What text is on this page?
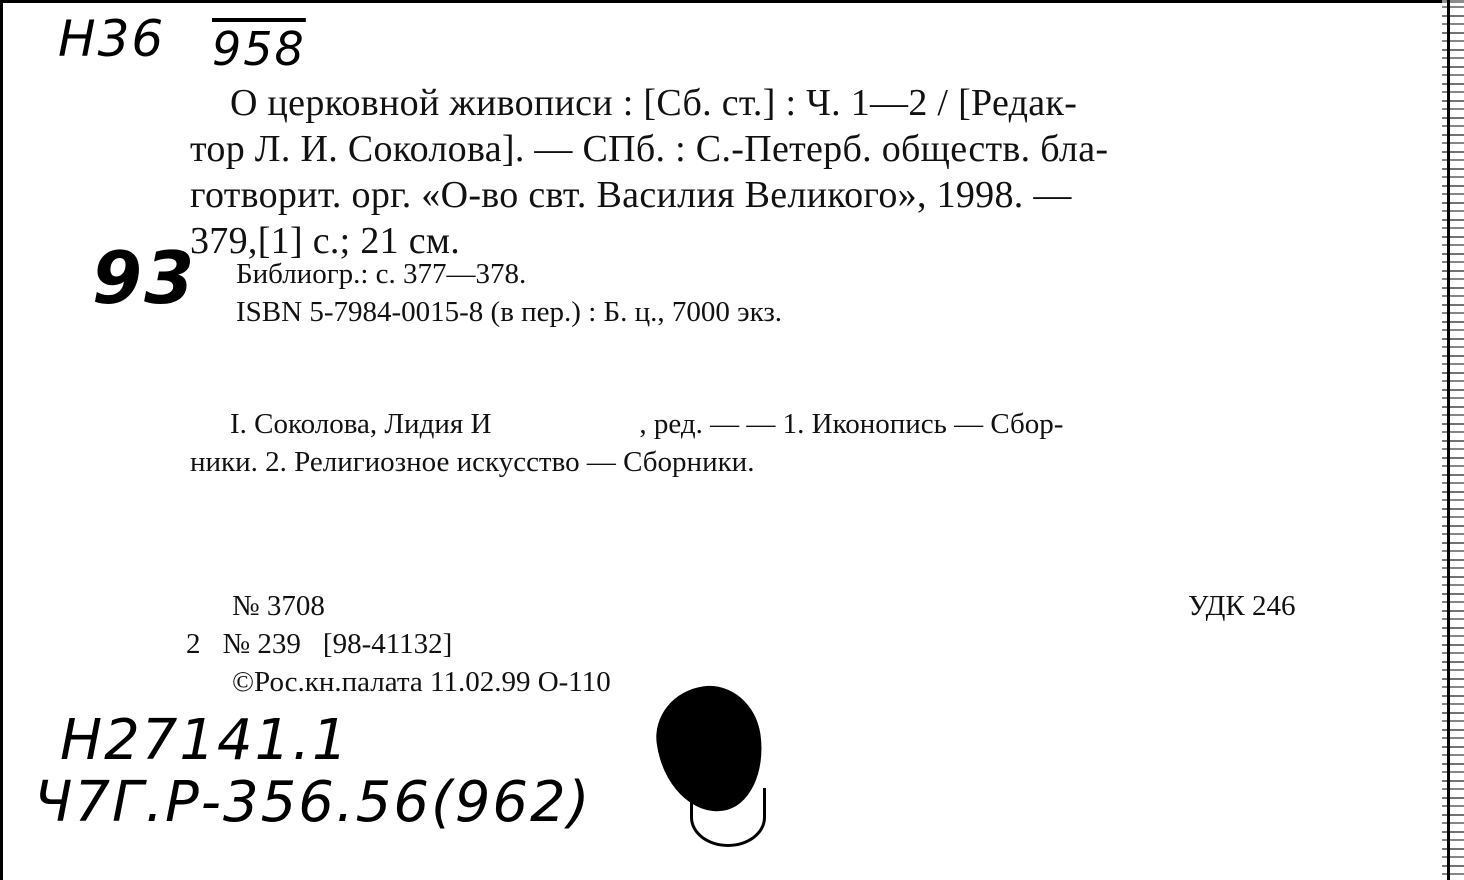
Н36 958
93
Н27141.1
Ч7Г.Р-356.56(962)
О церковной живописи : [Сб. ст.] : Ч. 1—2 / [Редак-
тор Л. И. Соколова]. — СПб. : С.-Петерб. обществ. бла-
готворит. орг. «О-во свт. Василия Великого», 1998. —
379,[1] с.; 21 см.
Библиогр.: с. 377—378.
ISBN 5-7984-0015-8 (в пер.) : Б. ц., 7000 экз.
I. Соколова, Лидия И	, ред. — — 1. Иконопись — Сбор-
ники. 2. Религиозное искусство — Сборники.
№ 3708
2 № 239 [98-41132]
©Рос.кн.палата 11.02.99 О-110
УДК 246
